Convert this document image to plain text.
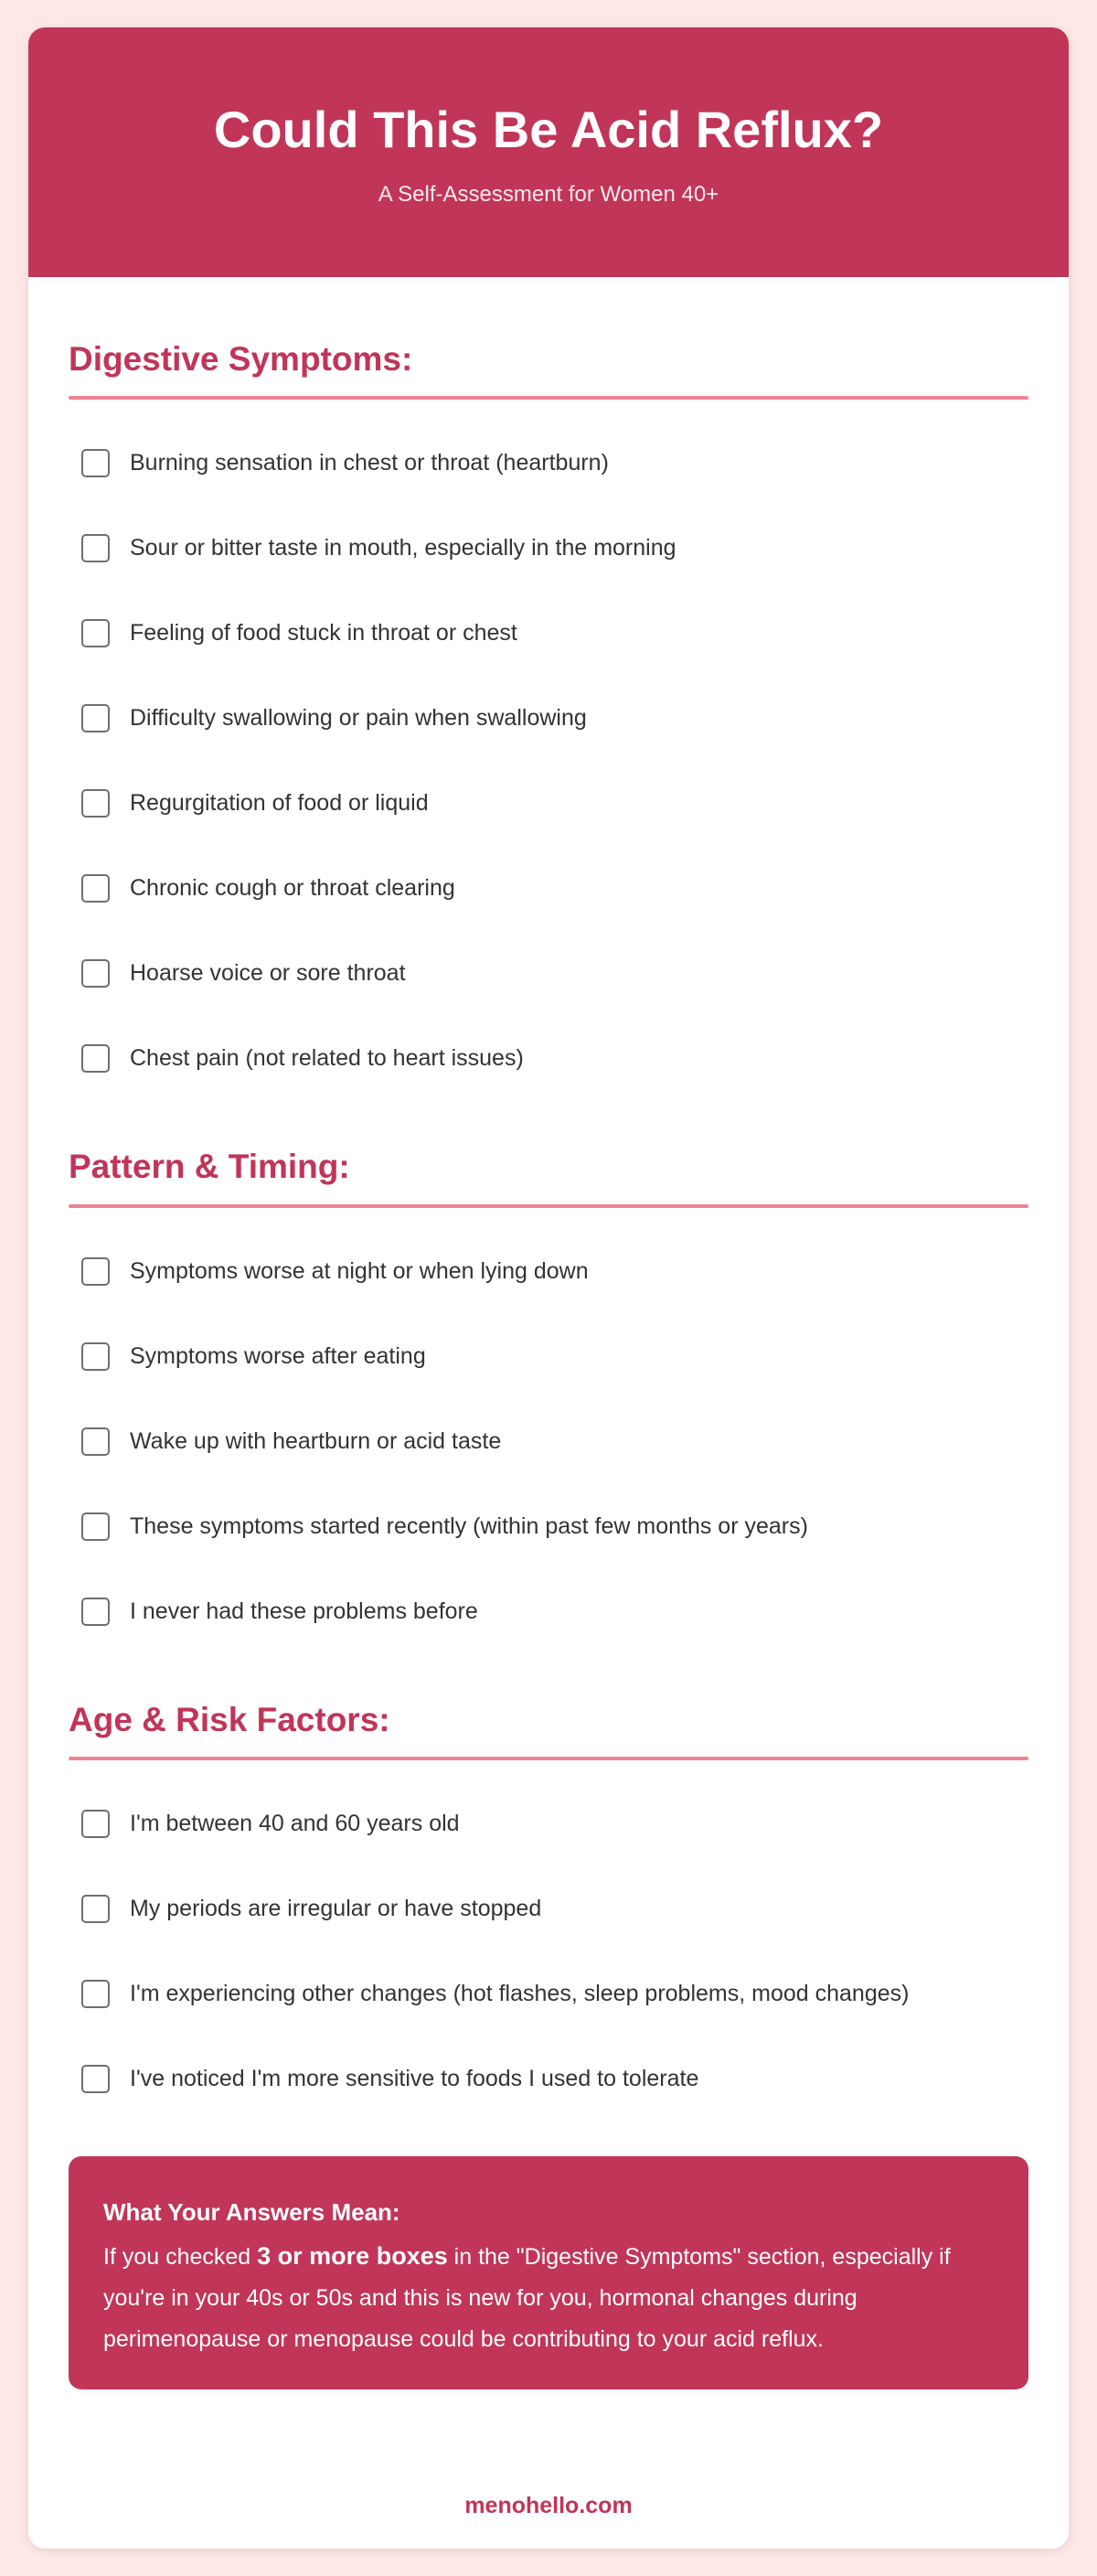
Could This Be Acid Reflux?
A Self-Assessment for Women 40+
Digestive Symptoms:
Burning sensation in chest or throat (heartburn)
Sour or bitter taste in mouth, especially in the morning
Feeling of food stuck in throat or chest
Difficulty swallowing or pain when swallowing
Regurgitation of food or liquid
Chronic cough or throat clearing
Hoarse voice or sore throat
Chest pain (not related to heart issues)
Pattern & Timing:
Symptoms worse at night or when lying down
Symptoms worse after eating
Wake up with heartburn or acid taste
These symptoms started recently (within past few months or years)
I never had these problems before
Age & Risk Factors:
I'm between 40 and 60 years old
My periods are irregular or have stopped
I'm experiencing other changes (hot flashes, sleep problems, mood changes)
I've noticed I'm more sensitive to foods I used to tolerate
What Your Answers Mean:

If you checked 3 or more boxes in the "Digestive Symptoms" section, especially if you're in your 40s or 50s and this is new for you, hormonal changes during perimenopause or menopause could be contributing to your acid reflux.

menohello.com
